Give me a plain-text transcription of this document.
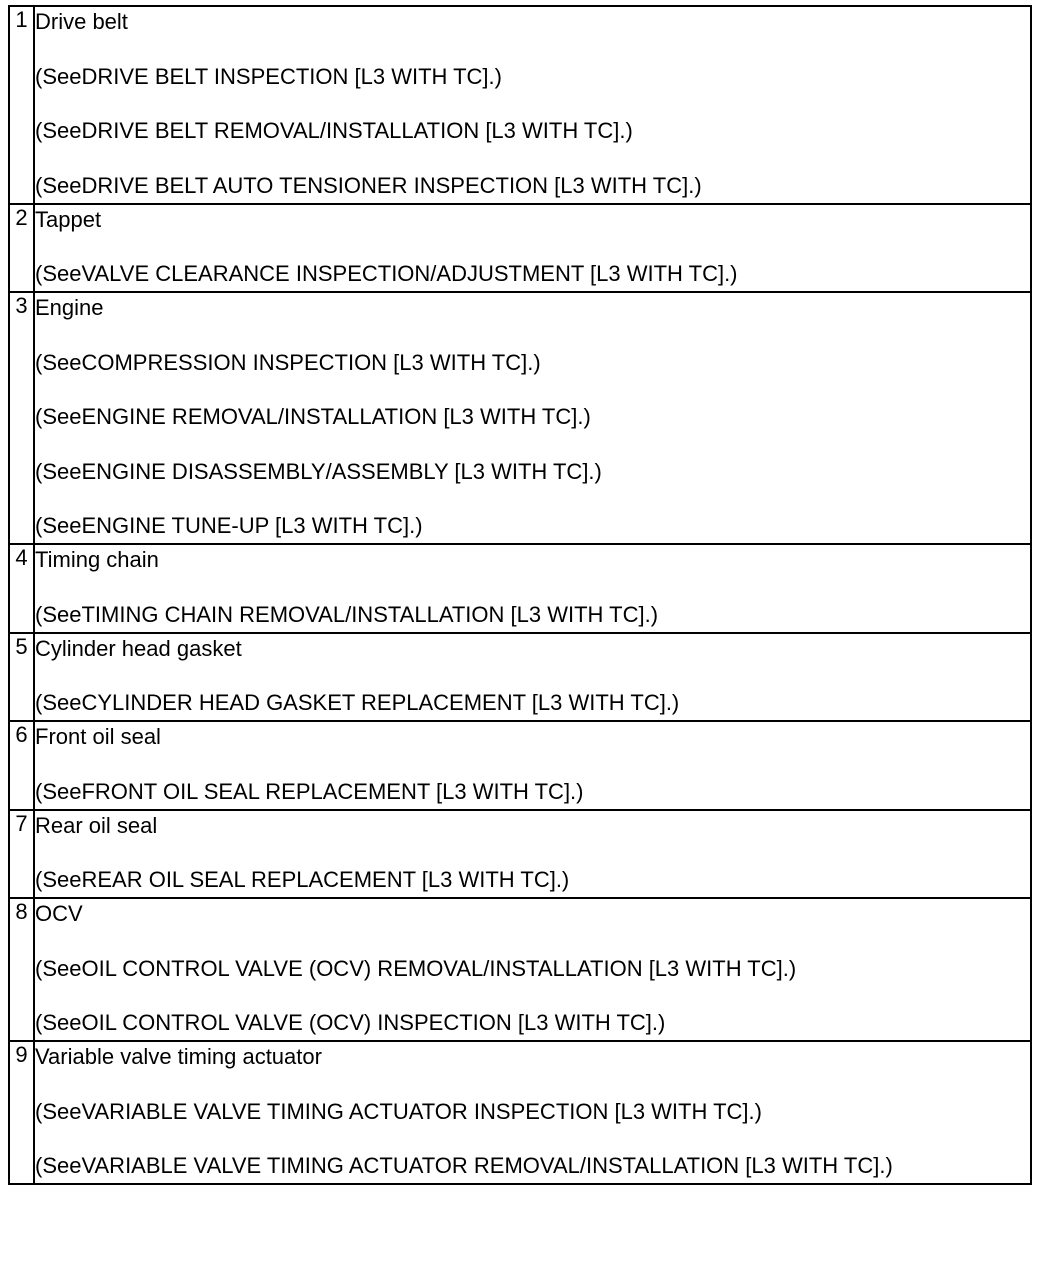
1	Drive belt
(SeeDRIVE BELT INSPECTION [L3 WITH TC].)
(SeeDRIVE BELT REMOVAL/INSTALLATION [L3 WITH TC].)
(SeeDRIVE BELT AUTO TENSIONER INSPECTION [L3 WITH TC].)

2	Tappet
(SeeVALVE CLEARANCE INSPECTION/ADJUSTMENT [L3 WITH TC].)

3	Engine
(SeeCOMPRESSION INSPECTION [L3 WITH TC].)
(SeeENGINE REMOVAL/INSTALLATION [L3 WITH TC].)
(SeeENGINE DISASSEMBLY/ASSEMBLY [L3 WITH TC].)
(SeeENGINE TUNE-UP [L3 WITH TC].)

4	Timing chain
(SeeTIMING CHAIN REMOVAL/INSTALLATION [L3 WITH TC].)

5	Cylinder head gasket
(SeeCYLINDER HEAD GASKET REPLACEMENT [L3 WITH TC].)

6	Front oil seal
(SeeFRONT OIL SEAL REPLACEMENT [L3 WITH TC].)

7	Rear oil seal
(SeeREAR OIL SEAL REPLACEMENT [L3 WITH TC].)

8	OCV
(SeeOIL CONTROL VALVE (OCV) REMOVAL/INSTALLATION [L3 WITH TC].)
(SeeOIL CONTROL VALVE (OCV) INSPECTION [L3 WITH TC].)

9	Variable valve timing actuator
(SeeVARIABLE VALVE TIMING ACTUATOR INSPECTION [L3 WITH TC].)
(SeeVARIABLE VALVE TIMING ACTUATOR REMOVAL/INSTALLATION [L3 WITH TC].)
